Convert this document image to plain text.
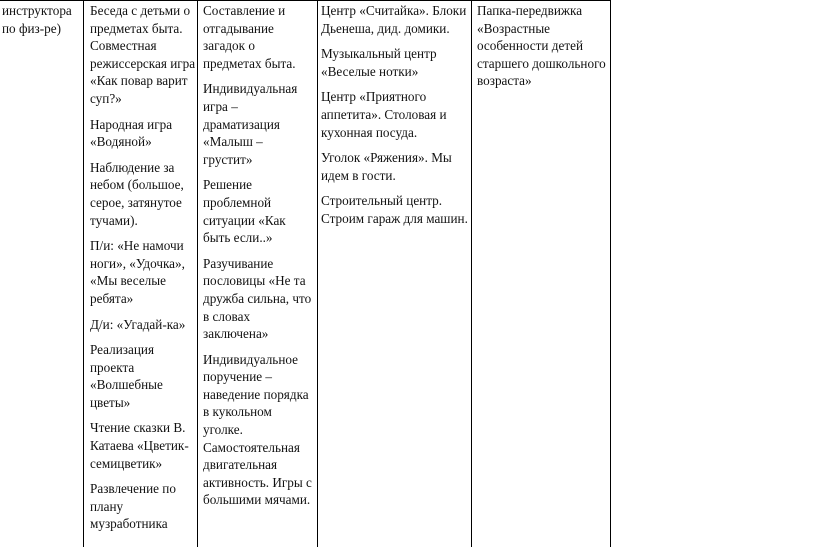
инструктора по физ-ре)

Беседа с детьми о предметах быта. Совместная режиссерская игра «Как повар варит суп?»

Народная игра «Водяной»

Наблюдение за небом (большое, серое, затянутое тучами).

П/и: «Не намочи ноги», «Удочка», «Мы веселые ребята»

Д/и: «Угадай-ка»

Реализация проекта «Волшебные цветы»

Чтение сказки В. Катаева «Цветик-семицветик»

Развлечение по плану музработника

Составление и отгадывание загадок о предметах быта.

Индивидуальная игра – драматизация «Малыш – грустит»

Решение проблемной ситуации «Как быть если..»

Разучивание пословицы «Не та дружба сильна, что в словах заключена»

Индивидуальное поручение – наведение порядка в кукольном уголке. Самостоятельная двигательная активность. Игры с большими мячами.

Центр «Считайка». Блоки Дьенеша, дид. домики.

Музыкальный центр «Веселые нотки»

Центр «Приятного аппетита». Столовая и кухонная посуда.

Уголок «Ряжения». Мы идем в гости.

Строительный центр. Строим гараж для машин.

Папка-передвижка «Возрастные особенности детей старшего дошкольного возраста»
